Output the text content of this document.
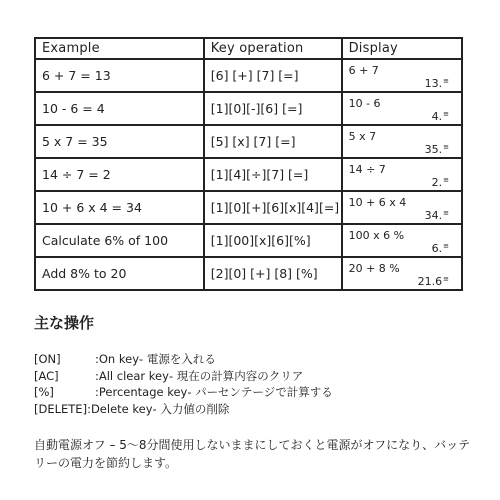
Example	Key operation	Display
6 + 7 = 13	[6] [+] [7] [=]	6 + 7
13.≡

10 - 6 = 4	[1][0][-][6] [=]	10 - 6
4.≡

5 x 7 = 35	[5] [x] [7] [=]	5 x 7
35.≡

14 ÷ 7 = 2	[1][4][÷][7] [=]	14 ÷ 7
2.≡

10 + 6 x 4 = 34	[1][0][+][6][x][4][=]	10 + 6 x 4
34.≡

Calculate 6% of 100	[1][00][x][6][%]	100 x 6 %
6.≡

Add 8% to 20	[2][0] [+] [8] [%]	20 + 8 %
21.6≡
主な操作
[ON]	: On key - 電源を入れる
[AC]	: All clear key - 現在の計算内容のクリア
[%]	: Percentage key - パーセンテージで計算する
[DELETE] : Delete key - 入力値の削除

自動電源オフ – 5〜8分間使用しないままにしておくと電源がオフになり、バッテリーの電力を節約します。
